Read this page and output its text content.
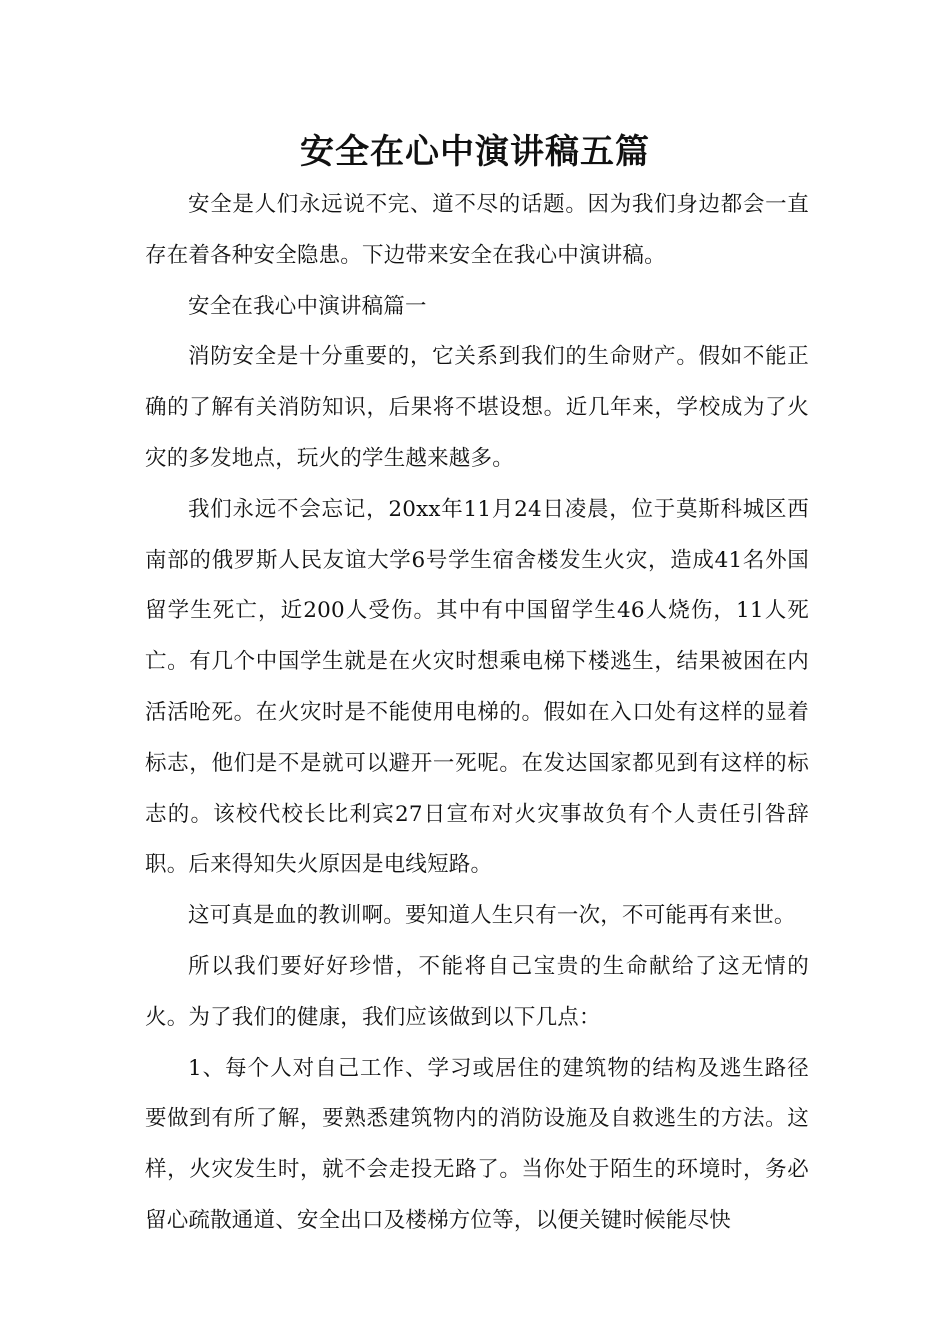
安全在心中演讲稿五篇

安全是人们永远说不完、道不尽的话题。因为我们身边都会一直存在着各种安全隐患。下边带来安全在我心中演讲稿。

安全在我心中演讲稿篇一

消防安全是十分重要的，它关系到我们的生命财产。假如不能正确的了解有关消防知识，后果将不堪设想。近几年来，学校成为了火灾的多发地点，玩火的学生越来越多。

我们永远不会忘记，20xx年11月24日凌晨，位于莫斯科城区西南部的俄罗斯人民友谊大学6号学生宿舍楼发生火灾，造成41名外国留学生死亡，近200人受伤。其中有中国留学生46人烧伤，11人死亡。有几个中国学生就是在火灾时想乘电梯下楼逃生，结果被困在内活活呛死。在火灾时是不能使用电梯的。假如在入口处有这样的显着标志，他们是不是就可以避开一死呢。在发达国家都见到有这样的标志的。该校代校长比利宾27日宣布对火灾事故负有个人责任引咎辞职。后来得知失火原因是电线短路。

这可真是血的教训啊。要知道人生只有一次，不可能再有来世。

所以我们要好好珍惜，不能将自己宝贵的生命献给了这无情的火。为了我们的健康，我们应该做到以下几点：

1、每个人对自己工作、学习或居住的建筑物的结构及逃生路径要做到有所了解，要熟悉建筑物内的消防设施及自救逃生的方法。这样，火灾发生时，就不会走投无路了。当你处于陌生的环境时，务必留心疏散通道、安全出口及楼梯方位等，以便关键时候能尽快
